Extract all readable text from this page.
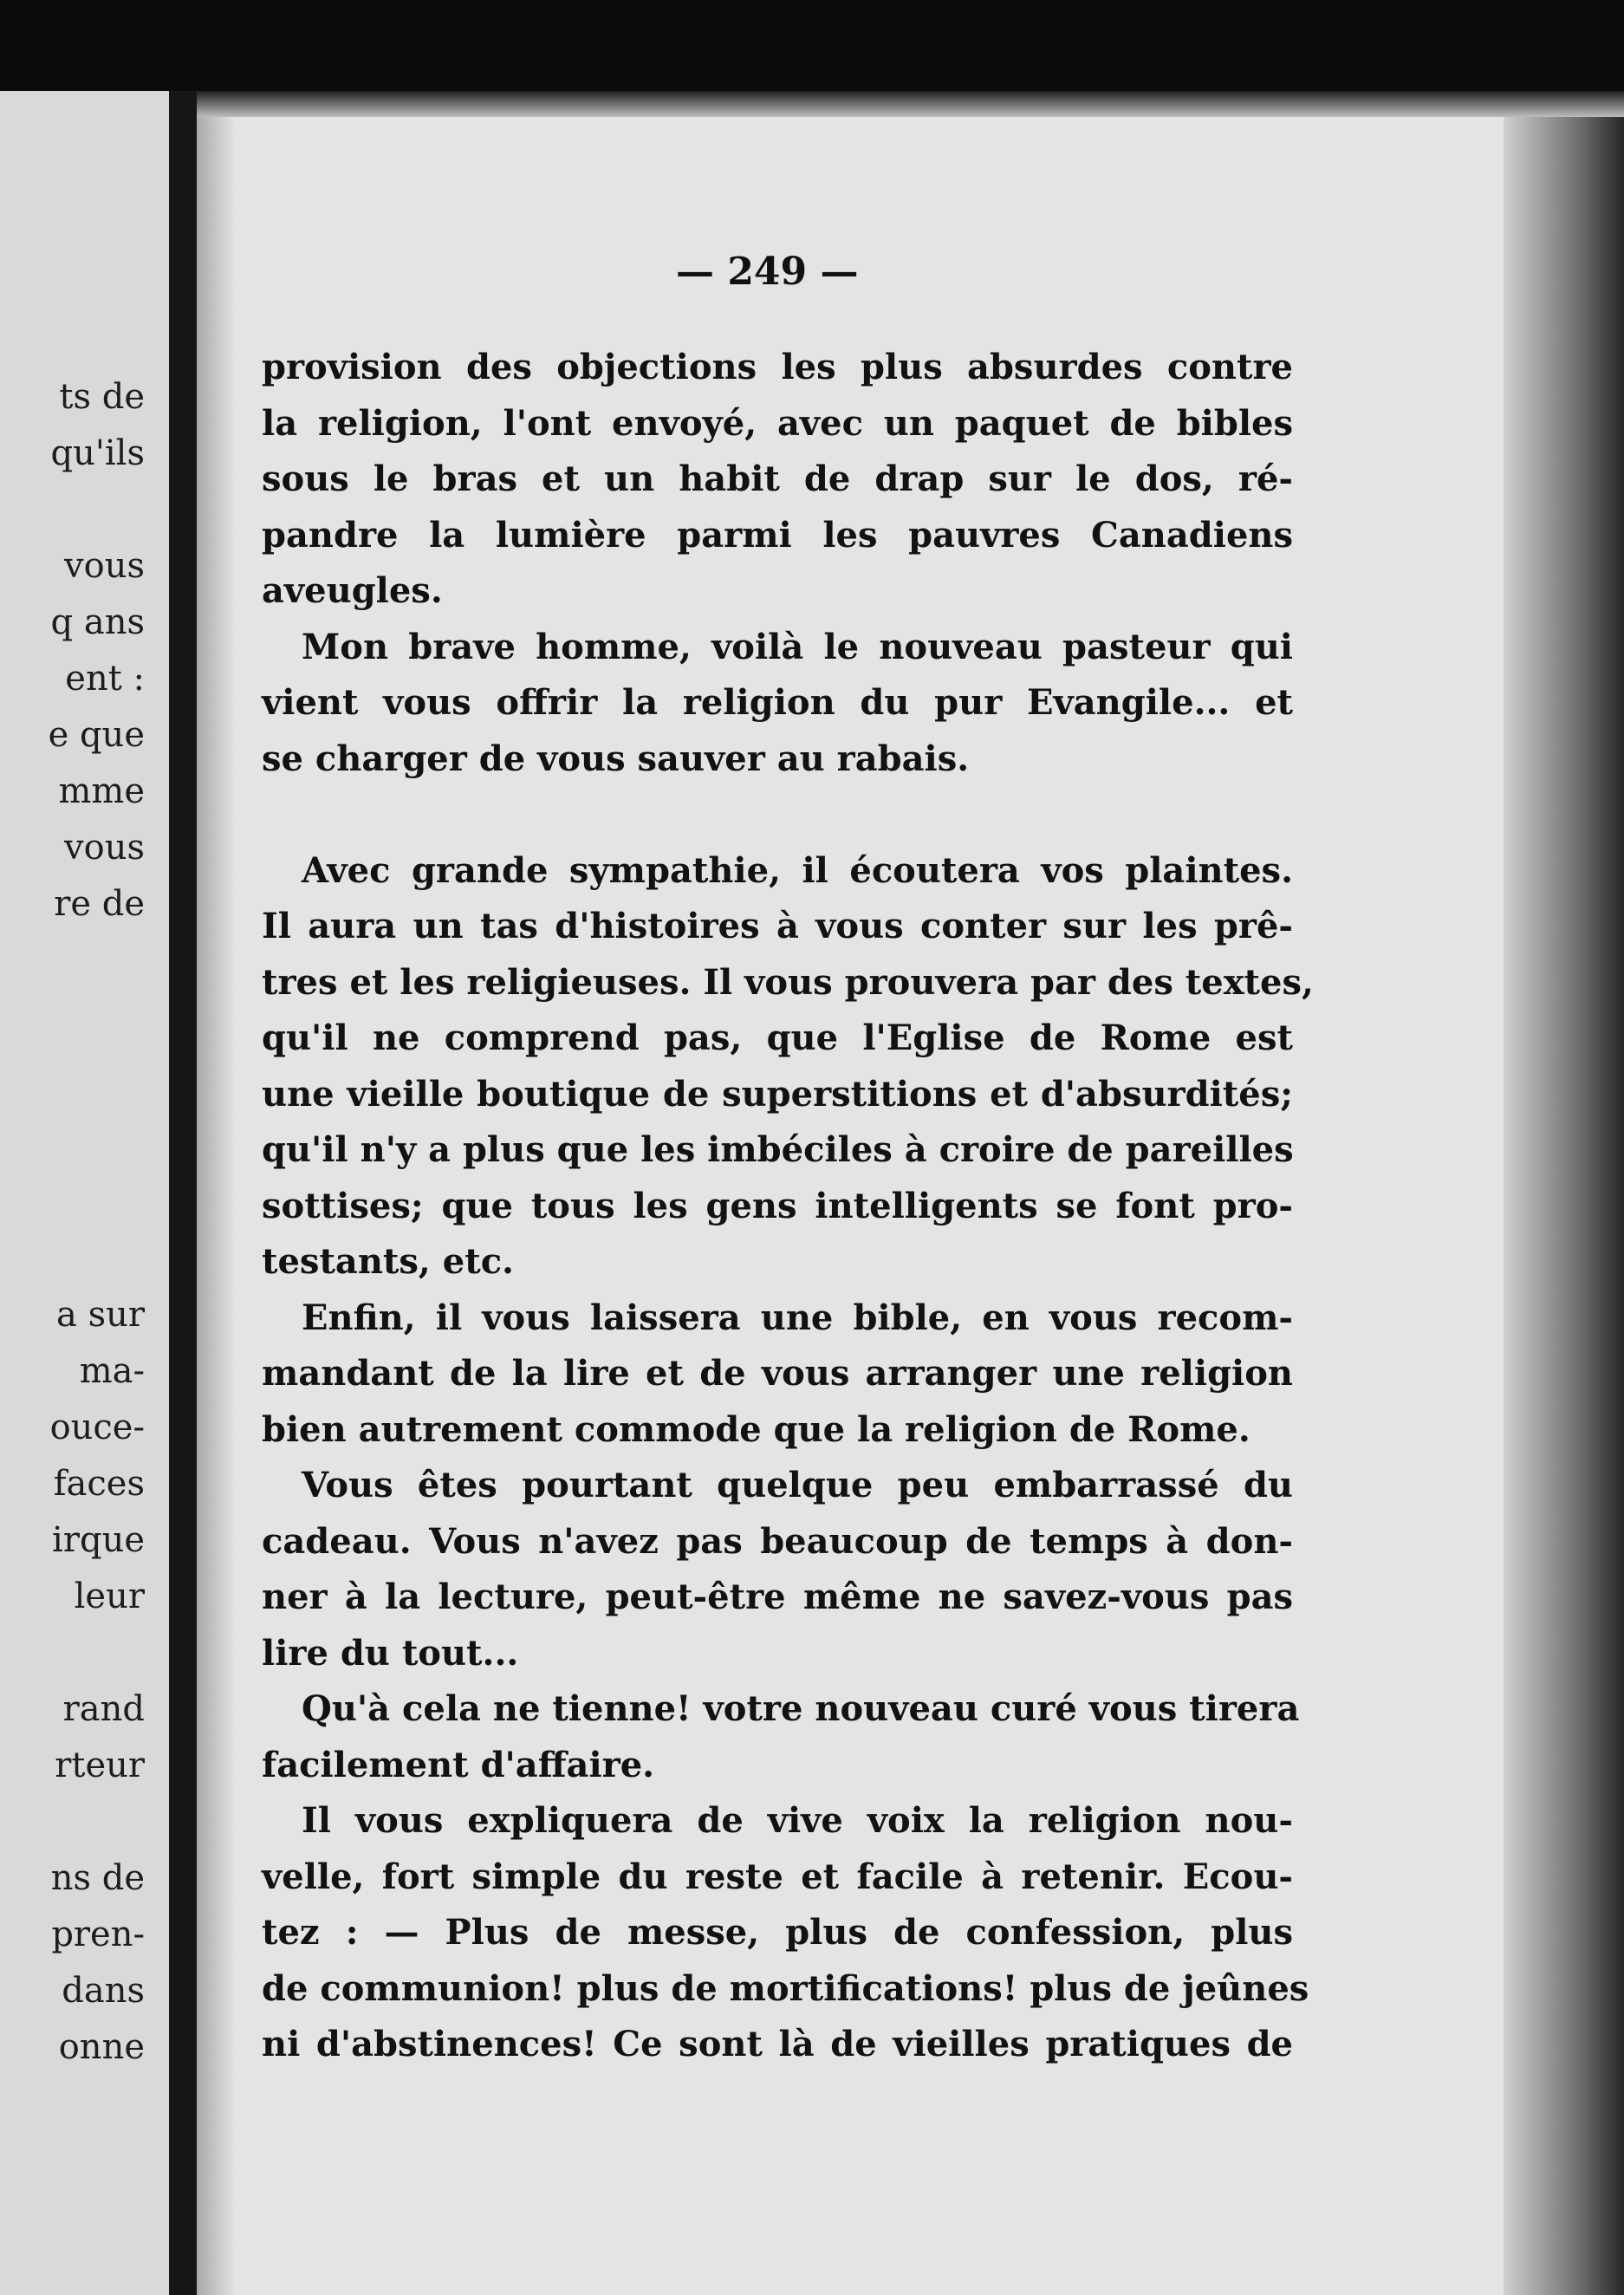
ts de
qu'ils
vous
q ans
ent :
e que
mme
vous
re de
a sur
ma-
ouce-
faces
irque
leur
rand
rteur
ns de
pren-
dans
onne
— 249 —
provision des objections les plus absurdes contre
la religion, l'ont envoyé, avec un paquet de bibles
sous le bras et un habit de drap sur le dos, ré-
pandre la lumière parmi les pauvres Canadiens
aveugles.
Mon brave homme, voilà le nouveau pasteur qui
vient vous offrir la religion du pur Evangile... et
se charger de vous sauver au rabais.
Avec grande sympathie, il écoutera vos plaintes.
Il aura un tas d'histoires à vous conter sur les prê-
tres et les religieuses. Il vous prouvera par des textes,
qu'il ne comprend pas, que l'Eglise de Rome est
une vieille boutique de superstitions et d'absurdités;
qu'il n'y a plus que les imbéciles à croire de pareilles
sottises; que tous les gens intelligents se font pro-
testants, etc.
Enfin, il vous laissera une bible, en vous recom-
mandant de la lire et de vous arranger une religion
bien autrement commode que la religion de Rome.
Vous êtes pourtant quelque peu embarrassé du
cadeau. Vous n'avez pas beaucoup de temps à don-
ner à la lecture, peut-être même ne savez-vous pas
lire du tout...
Qu'à cela ne tienne! votre nouveau curé vous tirera
facilement d'affaire.
Il vous expliquera de vive voix la religion nou-
velle, fort simple du reste et facile à retenir. Ecou-
tez : — Plus de messe, plus de confession, plus
de communion! plus de mortifications! plus de jeûnes
ni d'abstinences! Ce sont là de vieilles pratiques de
